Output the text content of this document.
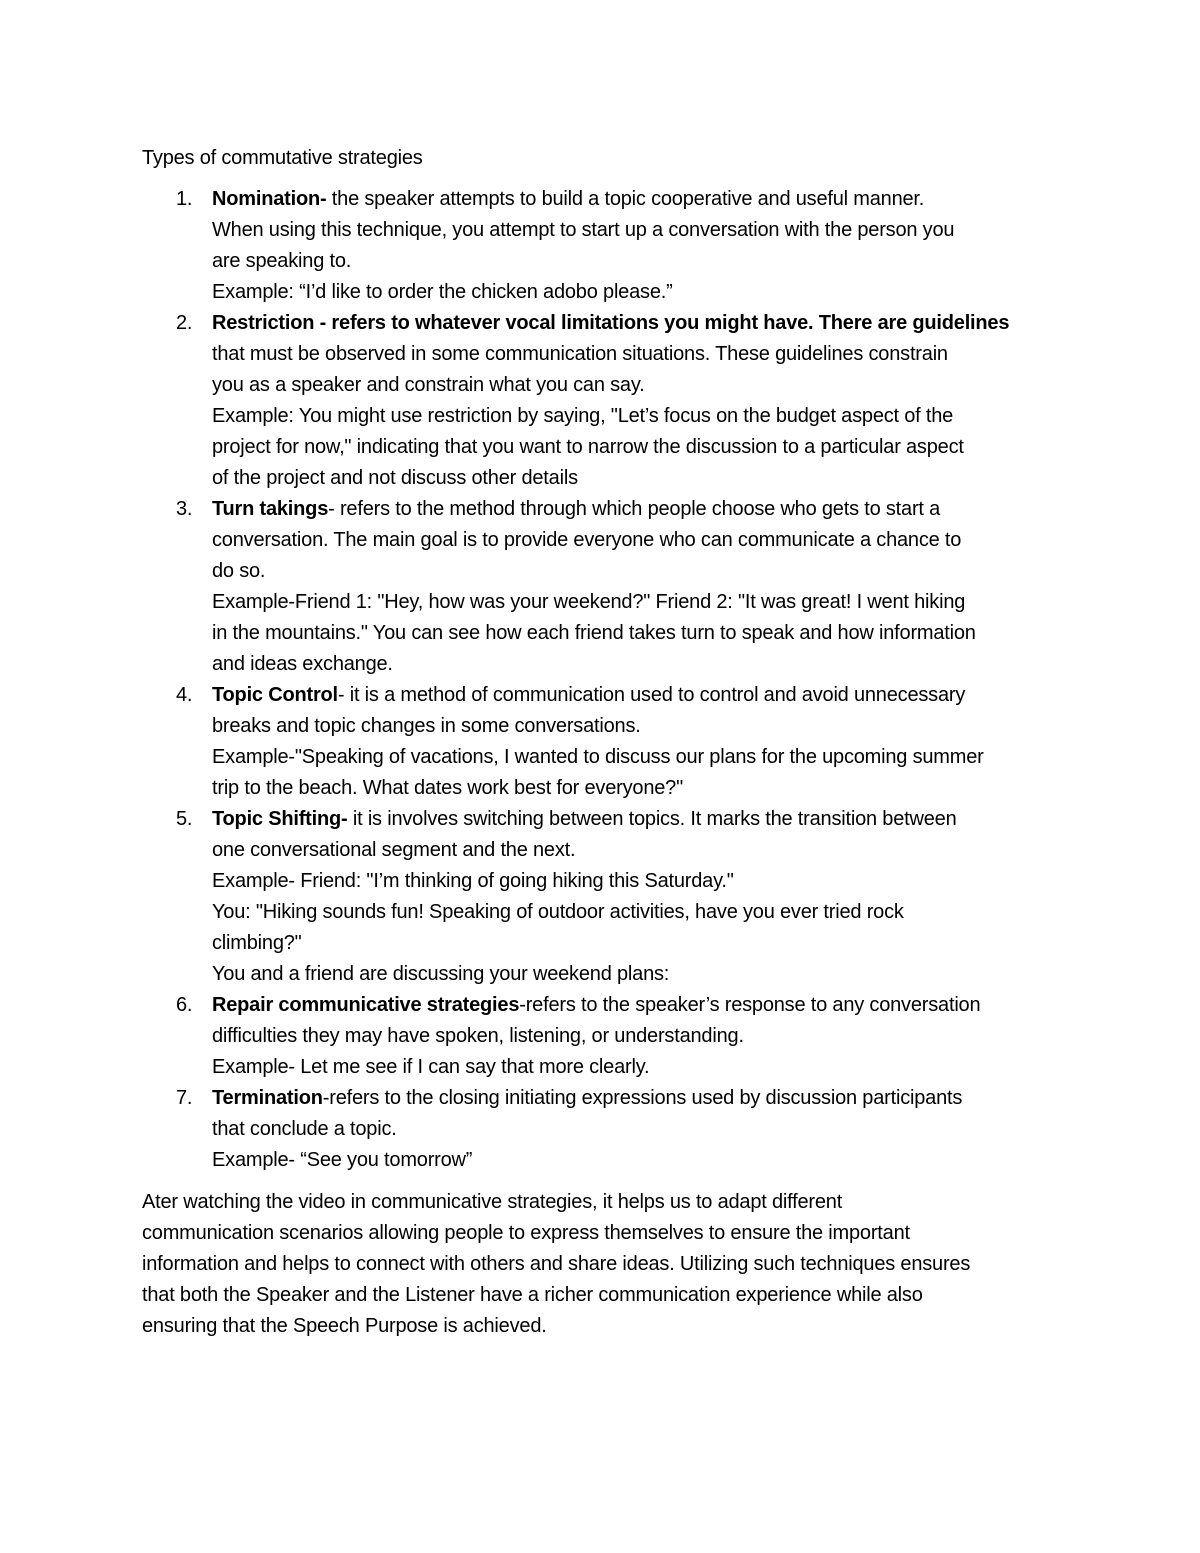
Types of commutative strategies

1. Nomination- the speaker attempts to build a topic cooperative and useful manner.
When using this technique, you attempt to start up a conversation with the person you
are speaking to.
Example: “I’d like to order the chicken adobo please.”
2. Restriction - refers to whatever vocal limitations you might have. There are guidelines
that must be observed in some communication situations. These guidelines constrain
you as a speaker and constrain what you can say.
Example: You might use restriction by saying, "Let’s focus on the budget aspect of the
project for now," indicating that you want to narrow the discussion to a particular aspect
of the project and not discuss other details
3. Turn takings- refers to the method through which people choose who gets to start a
conversation. The main goal is to provide everyone who can communicate a chance to
do so.
Example-Friend 1: "Hey, how was your weekend?" Friend 2: "It was great! I went hiking
in the mountains." You can see how each friend takes turn to speak and how information
and ideas exchange.
4. Topic Control- it is a method of communication used to control and avoid unnecessary
breaks and topic changes in some conversations.
Example-"Speaking of vacations, I wanted to discuss our plans for the upcoming summer
trip to the beach. What dates work best for everyone?"
5. Topic Shifting- it is involves switching between topics. It marks the transition between
one conversational segment and the next.
Example- Friend: "I’m thinking of going hiking this Saturday."
You: "Hiking sounds fun! Speaking of outdoor activities, have you ever tried rock
climbing?"
You and a friend are discussing your weekend plans:
6. Repair communicative strategies-refers to the speaker’s response to any conversation
difficulties they may have spoken, listening, or understanding.
Example- Let me see if I can say that more clearly.
7. Termination-refers to the closing initiating expressions used by discussion participants
that conclude a topic.
Example- “See you tomorrow”

Ater watching the video in communicative strategies, it helps us to adapt different
communication scenarios allowing people to express themselves to ensure the important
information and helps to connect with others and share ideas. Utilizing such techniques ensures
that both the Speaker and the Listener have a richer communication experience while also
ensuring that the Speech Purpose is achieved.
